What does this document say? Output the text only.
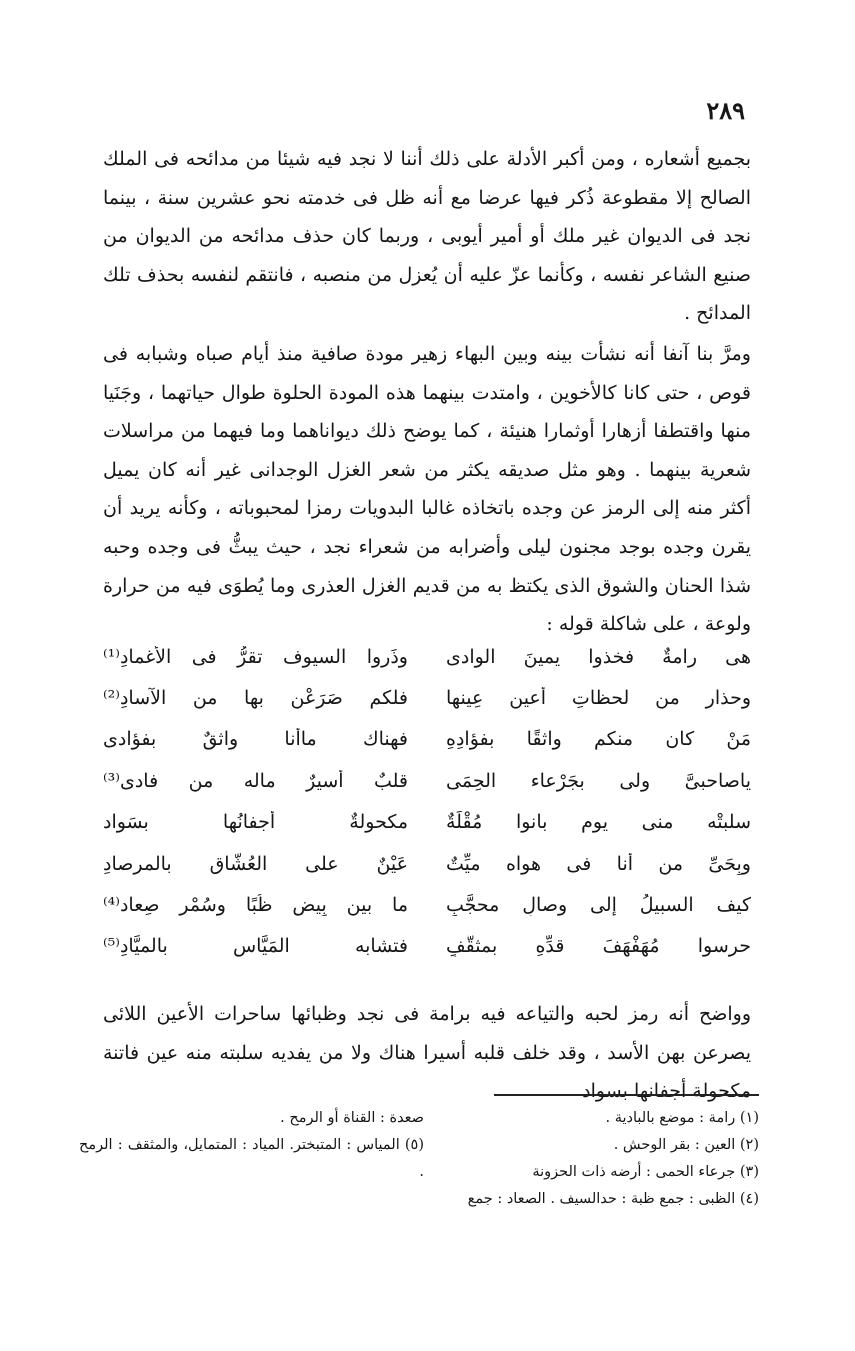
٢٨٩

بجميع أشعاره ، ومن أكبر الأدلة على ذلك أننا لا نجد فيه شيئا من مدائحه فى الملك الصالح إلا مقطوعة ذُكر فيها عرضا مع أنه ظل فى خدمته نحو عشرين سنة ، بينما نجد فى الديوان غير ملك أو أمير أيوبى ، وربما كان حذف مدائحه من الديوان من صنيع الشاعر نفسه ، وكأنما عزّ عليه أن يُعزل من منصبه ، فانتقم لنفسه بحذف تلك المدائح .

ومرَّ بنا آنفا أنه نشأت بينه وبين البهاء زهير مودة صافية منذ أيام صباه وشبابه فى قوص ، حتى كانا كالأخوين ، وامتدت بينهما هذه المودة الحلوة طوال حياتهما ، وجَنَيا منها واقتطفا أزهارا أوثمارا هنيئة ، كما يوضح ذلك ديواناهما وما فيهما من مراسلات شعرية بينهما . وهو مثل صديقه يكثر من شعر الغزل الوجدانى غير أنه كان يميل أكثر منه إلى الرمز عن وجده باتخاذه غالبا البدويات رمزا لمحبوباته ، وكأنه يريد أن يقرن وجده بوجد مجنون ليلى وأضرابه من شعراء نجد ، حيث يبثُّ فى وجده وحبه شذا الحنان والشوق الذى يكتظ به من قديم الغزل العذرى وما يُطوَى فيه من حرارة ولوعة ، على شاكلة قوله :

هى رامةٌ فخذوا يمينَ الوادى
وذَروا السيوف تقرُّ فى الأغمادِ⁽¹⁾
وحذارِ من لحظاتِ أعينِ عِينها
فلكم صَرَعْن بها من الآسادِ⁽²⁾
مَنْ كان منكم واثقًا بفؤادِهِ
فهناك ماأنا واثقٌ بفؤادى
ياصاحبىَّ ولى بجَرْعاء الحِمَى
قلبٌ أسيرٌ ماله من فادى⁽³⁾
سلبتْه منى يوم بانوا مُقْلَةٌ
مكحولةٌ أجفانُها بسَواد
وبِحَىِّ من أنا فى هواه ميِّتٌ
عَيْنٌ على العُشّاق بالمرصادِ
كيف السبيلُ إلى وصالِ محجَّبٍ
ما بين بِيض ظُبًا وسُمْر صِعاد⁽⁴⁾
حرسوا مُهَفْهَفَ قدِّهِ بمثقَّفٍ
فتشابه المَيَّاس بالميَّادِ⁽⁵⁾

وواضح أنه رمز لحبه والتياعه فيه برامة فى نجد وظبائها ساحرات الأعين اللائى يصرعن بهن الأسد ، وقد خلف قلبه أسيرا هناك ولا من يفديه سلبته منه عين فاتنة مكحولة أجفانها بسواد

(١) رامة : موضع بالبادية .
(٢) العين : بقر الوحش .
(٣) جرعاء الحمى : أرضه ذات الحزونة
(٤) الظبى : جمع ظبة : حدالسيف . الصعاد : جمع
صعدة : القناة أو الرمح .
(٥) المياس : المتبختر. المياد : المتمايل، والمثقف : الرمح .
